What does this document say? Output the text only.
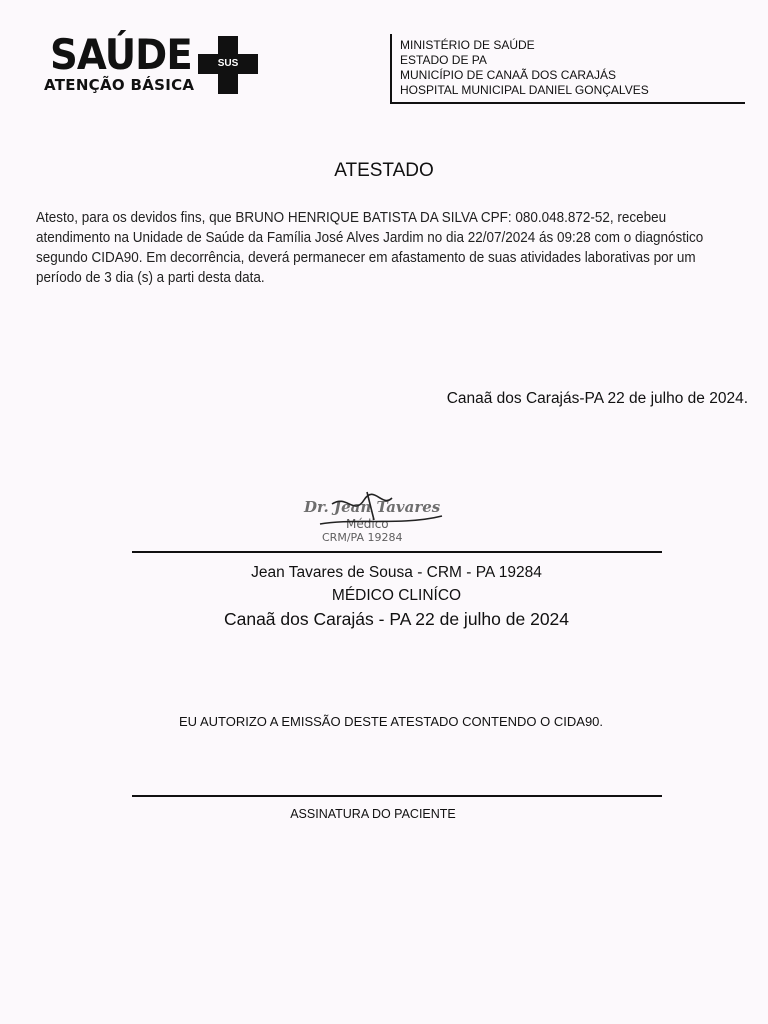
SAÚDE
ATENÇÃO BÁSICA
SUS
MINISTÉRIO DE SAÚDE
ESTADO DE PA
MUNICÍPIO DE CANAÃ DOS CARAJÁS
HOSPITAL MUNICIPAL DANIEL GONÇALVES
ATESTADO
Atesto, para os devidos fins, que BRUNO HENRIQUE BATISTA DA SILVA CPF: 080.048.872-52, recebeu atendimento na Unidade de Saúde da Família José Alves Jardim no dia 22/07/2024 ás 09:28 com o diagnóstico segundo CIDA90. Em decorrência, deverá permanecer em afastamento de suas atividades laborativas por um período de 3 dia (s) a parti desta data.
Canaã dos Carajás-PA 22 de julho de 2024.
Dr. Jean Tavares
Médico
CRM/PA 19284
Jean Tavares de Sousa - CRM - PA 19284
MÉDICO CLINÍCO
Canaã dos Carajás - PA 22 de julho de 2024
EU AUTORIZO A EMISSÃO DESTE ATESTADO CONTENDO O CIDA90.
ASSINATURA DO PACIENTE
